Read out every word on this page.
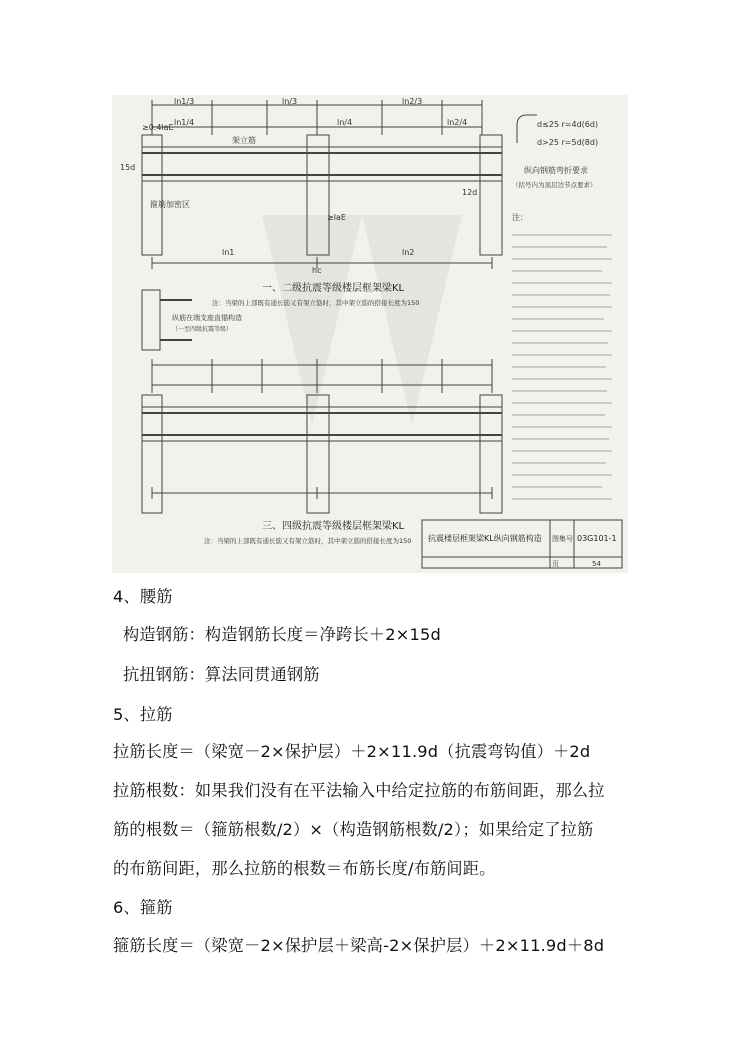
ln1/3	ln/3	ln2/3
ln1/4	ln/4	ln2/4
≥0.4laE
架立筋
15d
12d
箍筋加密区
≥laE
ln1	ln2
hc
d≤25 r=4d(6d)
d>25 r=5d(8d)
纵向钢筋弯折要求
（括号内为顶层边节点要求）
注：
一、二级抗震等级楼层框架梁KL
注：当梁的上部既有通长筋又有架立筋时，其中架立筋的搭接长度为150
纵筋在端支座直锚构造
（一至四级抗震等级）
三、四级抗震等级楼层框架梁KL
注：当梁的上部既有通长筋又有架立筋时，其中架立筋的搭接长度为150 抗震楼层框架梁KL纵向钢筋构造 图集号 03G101-1
页	54
4、腰筋
构造钢筋：构造钢筋长度＝净跨长＋2×15d
抗扭钢筋：算法同贯通钢筋
5、拉筋
拉筋长度＝（梁宽－2×保护层）＋2×11.9d（抗震弯钩值）＋2d
拉筋根数：如果我们没有在平法输入中给定拉筋的布筋间距，那么拉
筋的根数＝（箍筋根数/2）×（构造钢筋根数/2）；如果给定了拉筋
的布筋间距，那么拉筋的根数＝布筋长度/布筋间距。
6、箍筋
箍筋长度＝（梁宽－2×保护层＋梁高-2×保护层）＋2×11.9d＋8d
